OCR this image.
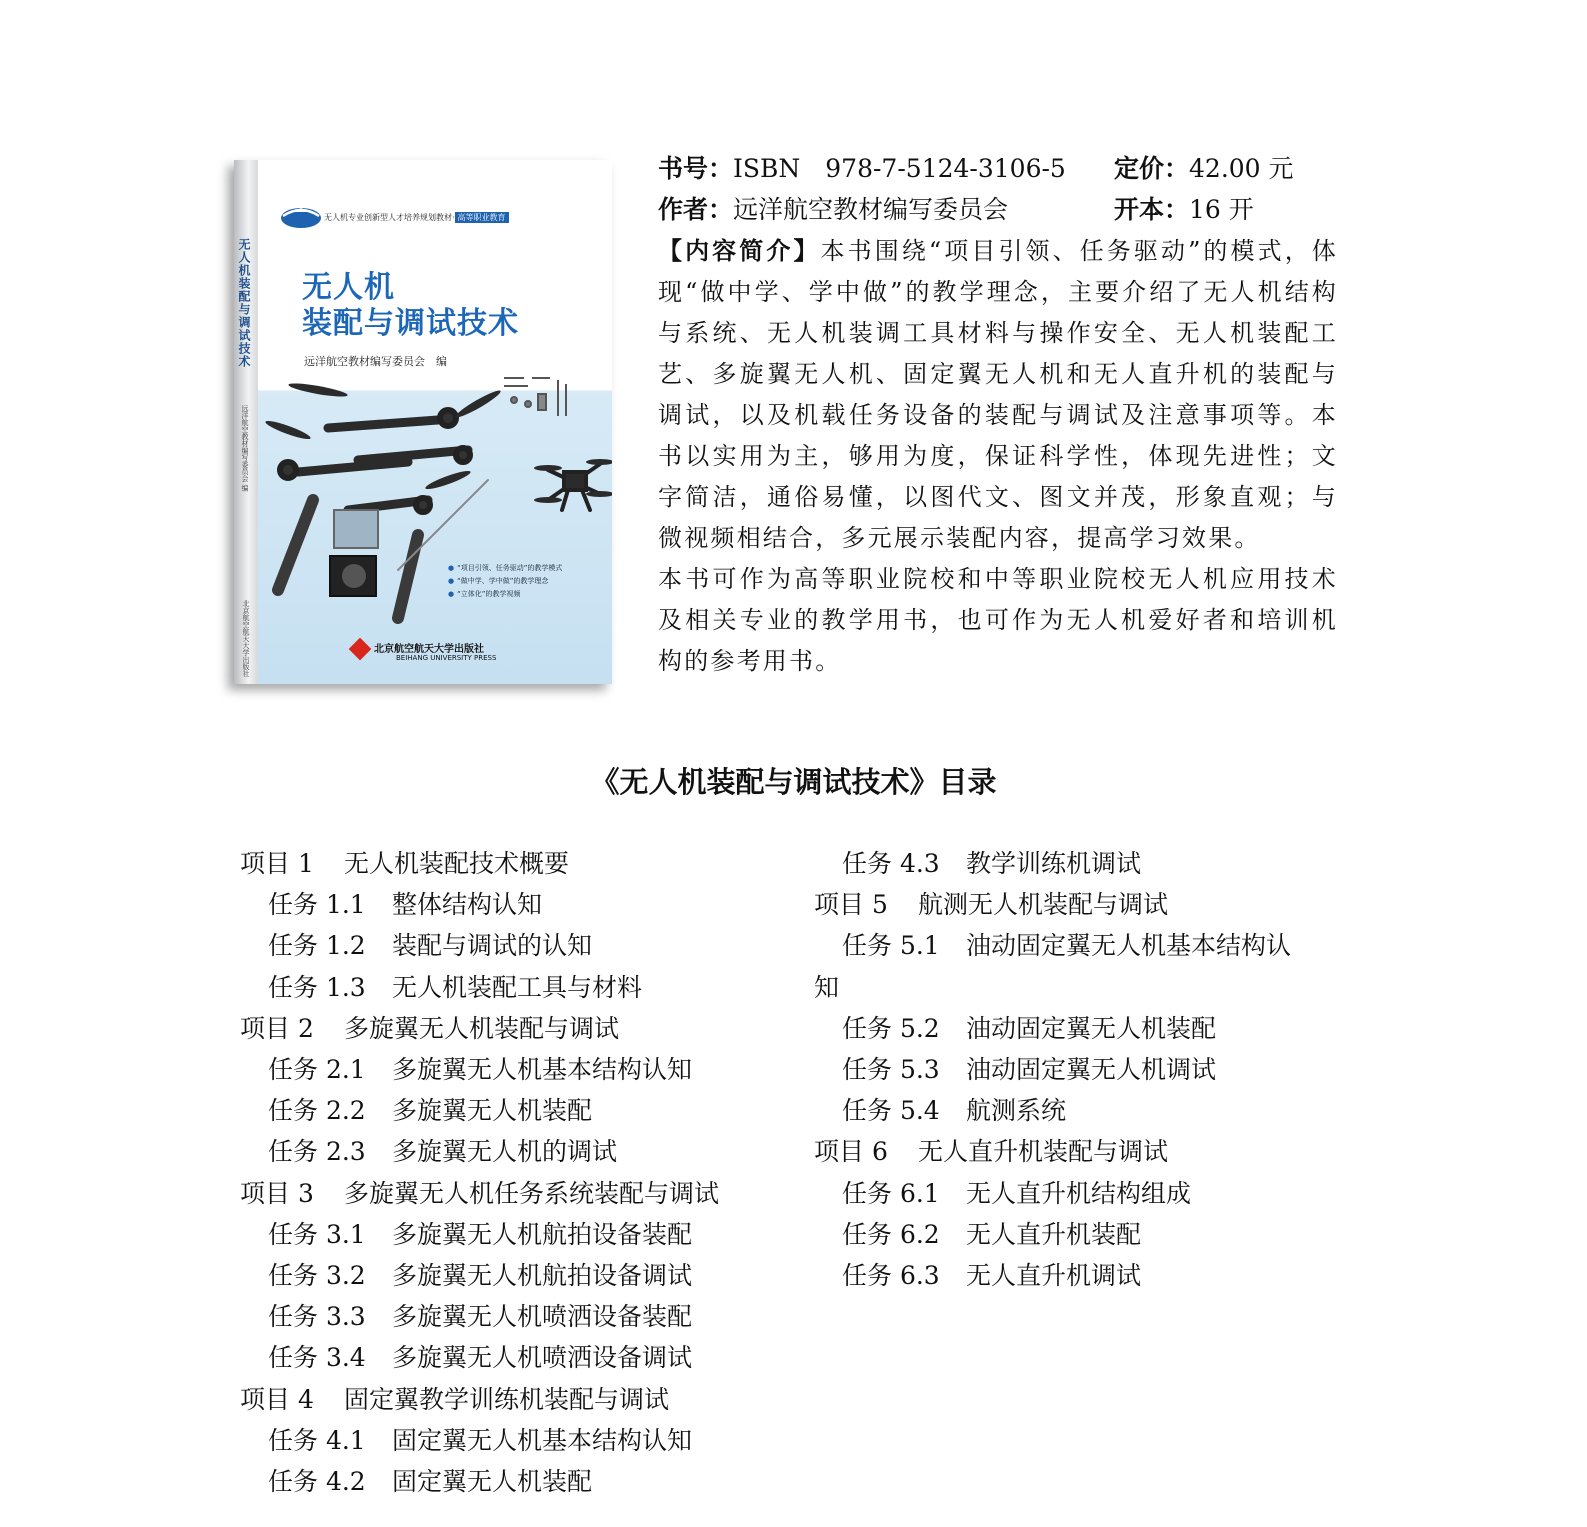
无人机装配与调试技术
远洋航空教材编写委员会 编
北京航空航天大学出版社
无人机专业创新型人才培养规划教材· 高等职业教育
无人机
装配与调试技术
远洋航空教材编写委员会　编
● “项目引领、任务驱动”的教学模式
● “做中学、学中做”的教学理念
● “立体化”的教学视频
北京航空航天大学出版社
BEIHANG UNIVERSITY PRESS
书号：ISBN　978-7-5124-3106-5 定价：42.00 元
作者：远洋航空教材编写委员会	开本：16 开

【内容简介】本书围绕“项目引领、任务驱动”的模式，体现“做中学、学中做”的教学理念，主要介绍了无人机结构与系统、无人机装调工具材料与操作安全、无人机装配工艺、多旋翼无人机、固定翼无人机和无人直升机的装配与调试，以及机载任务设备的装配与调试及注意事项等。本书以实用为主，够用为度，保证科学性，体现先进性；文字简洁，通俗易懂，以图代文、图文并茂，形象直观；与微视频相结合，多元展示装配内容，提高学习效果。

本书可作为高等职业院校和中等职业院校无人机应用技术及相关专业的教学用书，也可作为无人机爱好者和培训机构的参考用书。

《无人机装配与调试技术》目录
项目 1 无人机装配技术概要
任务 1.1 整体结构认知
任务 1.2 装配与调试的认知
任务 1.3 无人机装配工具与材料
项目 2 多旋翼无人机装配与调试
任务 2.1 多旋翼无人机基本结构认知
任务 2.2 多旋翼无人机装配
任务 2.3 多旋翼无人机的调试
项目 3 多旋翼无人机任务系统装配与调试
任务 3.1 多旋翼无人机航拍设备装配
任务 3.2 多旋翼无人机航拍设备调试
任务 3.3 多旋翼无人机喷洒设备装配
任务 3.4 多旋翼无人机喷洒设备调试
项目 4 固定翼教学训练机装配与调试
任务 4.1 固定翼无人机基本结构认知
任务 4.2 固定翼无人机装配
任务 4.3 教学训练机调试
项目 5 航测无人机装配与调试
任务 5.1 油动固定翼无人机基本结构认
知
任务 5.2 油动固定翼无人机装配
任务 5.3 油动固定翼无人机调试
任务 5.4 航测系统
项目 6 无人直升机装配与调试
任务 6.1 无人直升机结构组成
任务 6.2 无人直升机装配
任务 6.3 无人直升机调试
